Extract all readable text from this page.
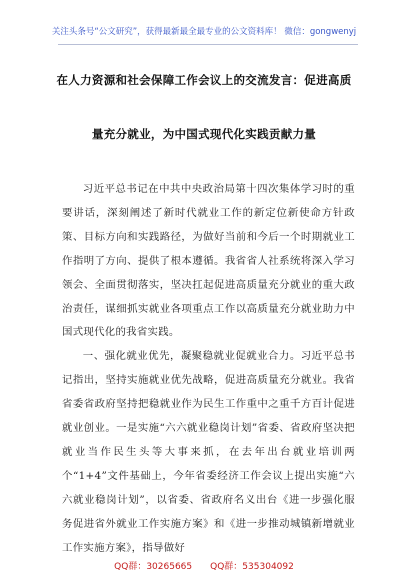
关注头条号“公文研究”，获得最新最全最专业的公文资料库！ 微信：gongwenyj
在人力资源和社会保障工作会议上的交流发言：促进高质
量充分就业，为中国式现代化实践贡献力量

习近平总书记在中共中央政治局第十四次集体学习时的重要讲话，深刻阐述了新时代就业工作的新定位新使命方针政策、目标方向和实践路径，为做好当前和今后一个时期就业工作指明了方向、提供了根本遵循。我省省人社系统将深入学习领会、全面贯彻落实，坚决扛起促进高质量充分就业的重大政治责任，谋细抓实就业各项重点工作以高质量充分就业助力中国式现代化的我省实践。

一、强化就业优先，凝聚稳就业促就业合力。习近平总书记指出，坚持实施就业优先战略，促进高质量充分就业。我省省委省政府坚持把稳就业作为民生工作重中之重千方百计促进就业创业。一是实施“六六就业稳岗计划”省委、省政府坚决把就业当作民生头等大事来抓，在去年出台就业培训两个“1+4”文件基础上，今年省委经济工作会议上提出实施“六六就业稳岗计划”，以省委、省政府名义出台《进一步强化服务促进省外就业工作实施方案》和《进一步推动城镇新增就业工作实施方案》，指导做好

QQ群：30265665 QQ群：535304092
